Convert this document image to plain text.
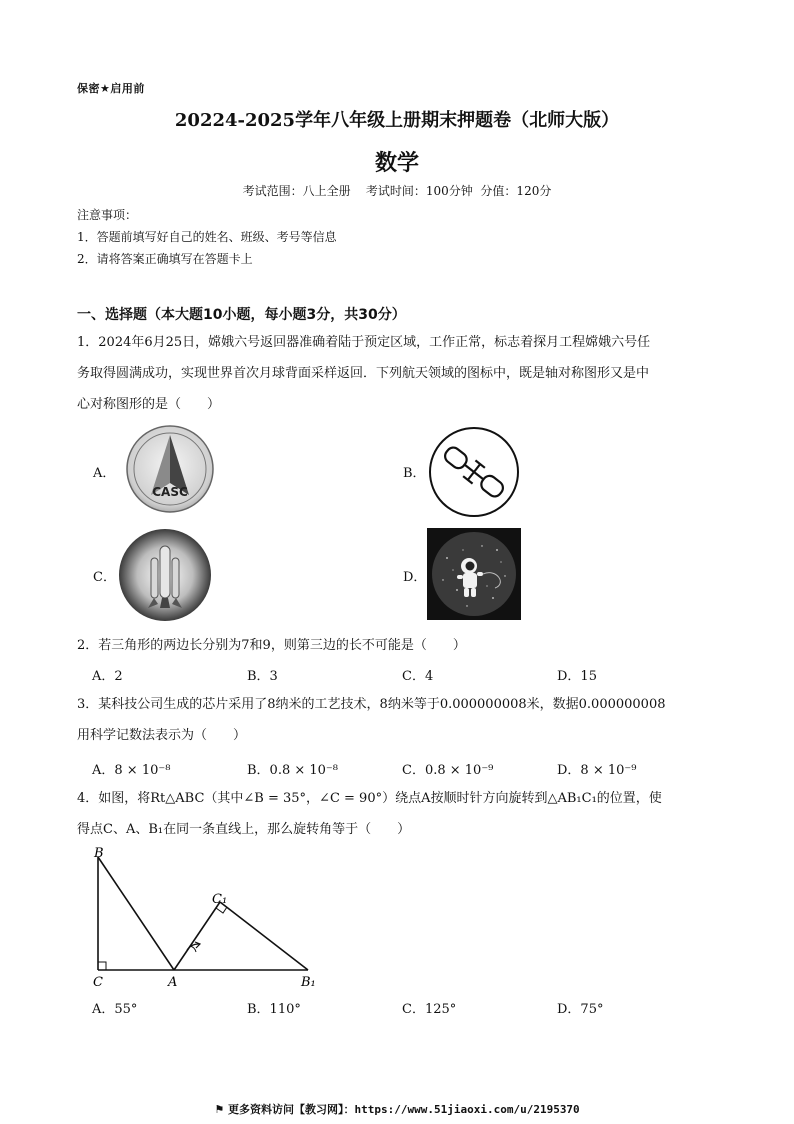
保密★启用前
20224-2025学年八年级上册期末押题卷（北师大版）
数学
考试范围：八上全册    考试时间：100分钟  分值：120分
注意事项：
1．答题前填写好自己的姓名、班级、考号等信息
2．请将答案正确填写在答题卡上
一、选择题（本大题10小题，每小题3分，共30分）
1．2024年6月25日，嫦娥六号返回器准确着陆于预定区域，工作正常，标志着探月工程嫦娥六号任
务取得圆满成功，实现世界首次月球背面采样返回．下列航天领域的图标中，既是轴对称图形又是中
心对称图形的是（　　）
A．
CASC
B．
C．	D．
2．若三角形的两边长分别为7和9，则第三边的长不可能是（　　）
A．2	B．3	C．4	D．15
3．某科技公司生成的芯片采用了8纳米的工艺技术，8纳米等于0.000000008米，数据0.000000008
用科学记数法表示为（　　）
A．8 × 10⁻⁸	B．0.8 × 10⁻⁸	C．0.8 × 10⁻⁹	D．8 × 10⁻⁹
4．如图，将Rt△ABC（其中∠B = 35°，∠C = 90°）绕点A按顺时针方向旋转到△AB₁C₁的位置，使
得点C、A、B₁在同一条直线上，那么旋转角等于（　　）
B
C	A	B₁
C₁
A．55°	B．110°	C．125°	D．75°
⚑ 更多资料访问【教习网】：https://www.51jiaoxi.com/u/2195370
